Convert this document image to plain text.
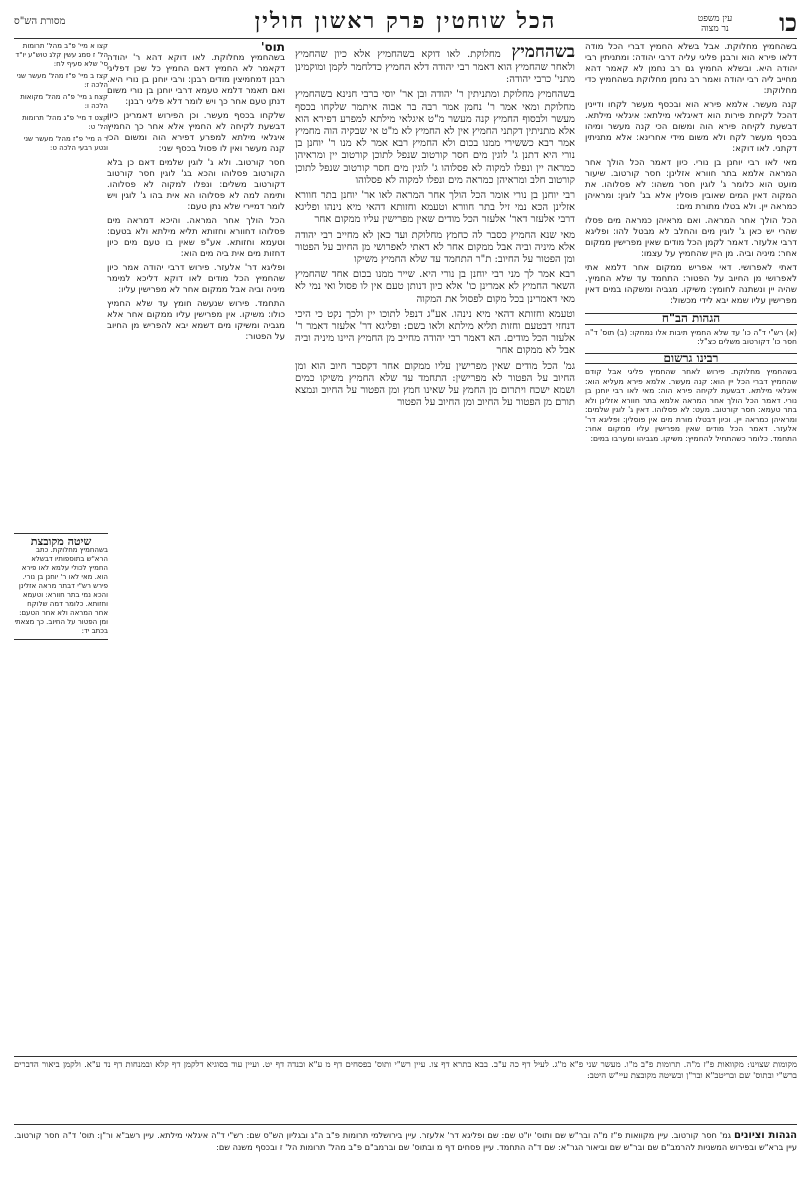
כו
עין משפט נר מצוה
הכל שוחטין פרק ראשון חולין
מסורת הש"ס

בשהחמיץ מחלוקת. אבל בשלא החמיץ דברי הכל מודה דלאו פירא הוא ורבנן פליגי עליה דרבי יהודה: ומתניתין רבי יהודה היא. ובשלא החמיץ גם רב נחמן לא קאמר דהא מחייב ליה רבי יהודה ואמר רב נחמן מחלוקת בשהחמיץ כדי מחלוקת:

קנה מעשר. אלמא פירא הוא ובכסף מעשר לקחו ודיינין דהכל לקיחת פירות הוא דאיגלאי מילתא: איגלאי מילתא. דבשעת לקיחה פירא הוה ומשום הכי קנה מעשר ומיהו בכסף מעשר לקח ולא משום מידי אחרינא: אלא מתניתין דקתני. לאו דוקא:

מאי לאו רבי יוחנן בן נורי. כיון דאמר הכל הולך אחר המראה אלמא בתר חוורא אזלינן: חסר קורטוב. שיעור מועט הוא כלומר ג' לוגין חסר משהו: לא פסלוהו. את המקוה דאין המים שאובין פוסלין אלא בג' לוגין: ומראיהן כמראה יין. ולא בטלו מתורת מים:

הכל הולך אחר המראה. ואם מראיהן כמראה מים פסלו שהרי יש כאן ג' לוגין מים והחלב לא מבטל להו: ופליגא דרבי אלעזר. דאמר לקמן הכל מודים שאין מפרישין ממקום אחר: מיניה וביה. מן היין שהחמיץ על עצמו:

דאתי לאפרושי. דאי אפריש ממקום אחר דלמא אתי לאפרושי מן החיוב על הפטור: התחמד עד שלא החמיץ. שהיה יין ונשתנה לחומץ: משיקו. מגביה ומשקהו במים דאין מפרישין עליו שמא יבא לידי מכשול:

הגהות הב"ח
(א) רש"י ד"ה כו' עד שלא החמיץ תיבות אלו נמחקו: (ב) תוס' ד"ה חסר כו' דקורטוב משלים כצ"ל:
רבינו גרשום
בשהחמיץ מחלוקת. פירוש לאחר שהחמיץ פליגי אבל קודם שהחמיץ דברי הכל יין הוא: קנה מעשר. אלמא פירא מעליא הוא: איגלאי מילתא. דבשעת לקיחה פירא הוה: מאי לאו רבי יוחנן בן נורי. דאמר הכל הולך אחר המראה אלמא בתר חוורא אזלינן ולא בתר טעמא: חסר קורטוב. מעט: לא פסלוהו. דאין ג' לוגין שלמים: ומראיהן כמראה יין. וכיון דבטלו מורת מים אין פוסלין: ופליגא דר' אלעזר. דאמר הכל מודים שאין מפרישין עליו ממקום אחר: התחמד. כלומר כשהתחיל להחמיץ: משיקו. מגביהו ומערבו במים:

בשהחמיץ מחלוקת. לאו דוקא בשהחמיץ אלא כיון שהחמיץ ולאחר שהחמיץ הוא דאמר רבי יהודה דלא החמיץ כדלחמר לקמן ומוקמינן מתני' כרבי יהודה:

בשהחמיץ מחלוקת ומתניתין ר' יהודה ובן אר' יוסי ברבי חנינא בשהחמיץ מחלוקת ומאי אמר ר' נחמן אמר רבה בר אבוה איתמר שלקחו בכסף מעשר ולבסוף החמיץ קנה מעשר מ"ט איגלאי מילתא למפרע דפירא הוא אלא מתניתין דקתני החמיץ אין לא החמיץ לא מ"ט אי שבקיה הוה מחמיץ אמר רבא כששירי ממנו בכום ולא החמיץ רבא אמר לא מנו ר' יוחנן בן נורי היא דתנן ג' לוגין מים חסר קורטוב שנפל לתוכן קורטוב יין ומראיהן כמראה יין ונפלו למקוה לא פסלוהו ג' לוגין מים חסר קורטוב שנפל לתוכן קורטוב חלב ומראיהן כמראה מים ונפלו למקוה לא פסלוהו

רבי יוחנן בן נורי אומר הכל הולך אחר המראה לאו אר' יוחנן בתר חוורא אזלינן הכא נמי זיל בתר חוורא וטעמא וחזותא דהאי מיא נינהו ופליגא דרבי אלעזר דאר' אלעזר הכל מודים שאין מפרישין עליו ממקום אחר

מאי שנא החמיץ כסבר לה כחמץ מחלוקת ועד כאן לא מחייב רבי יהודה אלא מיניה וביה אבל ממקום אחר לא דאתי לאפרושי מן החיוב על הפטור ומן הפטור על החיוב: ת"ר התחמד עד שלא החמיץ משיקו

רבא אמר לך מני רבי יוחנן בן נורי היא. שייר ממנו בכום אחד שהחמיץ השאר החמיץ לא אמרינן כו' אלא כיון דנותן טעם אין לו פסול ואי נמי לא מאי דאמרינן בכל מקום לפסול את המקוה

וטעמא וחזותא דהאי מיא נינהו. אע"ג דנפל לתוכו יין ולכך נקט כי היכי דנחזי דבטעם וחזות תליא מילתא ולאו בשם: ופליגא דר' אלעזר דאמר ר' אלעזר הכל מודים. הא דאמר רבי יהודה מחייב מן החמיץ היינו מיניה וביה אבל לא ממקום אחר

גמ' הכל מודים שאין מפרישין עליו ממקום אחר דקסבר חיוב הוא ומן החיוב על הפטור לא מפרישין: התחמד עד שלא החמיץ משיקו כמים ושמא ישכח ויתרום מן החמץ על שאינו חמץ ומן הפטור על החיוב ונמצא תורם מן הפטור על החיוב ומן החיוב על הפטור

תוס'

בשהחמיץ מחלוקת. לאו דוקא דהא ר' יהודה דקאמר לא החמיץ דאם החמיץ כל שכן דפליגי רבנן דמחמיצין מודים רבנן: ורבי יוחנן בן נורי היא. ואם תאמר דלמא טעמא דרבי יוחנן בן נורי משום דנתן טעם אחר כך ויש לומר דלא פליגי רבנן:

שלקחו בכסף מעשר. וכן הפירוש דאמרינן כיון דבשעת לקיחה לא החמיץ אלא אחר כך החמיץ איגלאי מילתא למפרע דפירא הוה ומשום הכי קנה מעשר ואין לו פסול בכסף שני:

חסר קורטוב. ולא ג' לוגין שלמים דאם כן בלא הקורטוב פסלוהו והכא בג' לוגין חסר קורטוב דקורטוב משלים: ונפלו למקוה לא פסלוהו. ותימה למה לא פסלוהו הא אית בהו ג' לוגין ויש לומר דמיירי שלא נתן טעם:

הכל הולך אחר המראה. והיכא דמראה מים פסלוהו דחוורא וחזותא תליא מילתא ולא בטעם: וטעמא וחזותא. אע"פ שאין בו טעם מים כיון דחזות מים אית ביה מים הוא:

ופליגא דר' אלעזר. פירוש דרבי יהודה אמר כיון שהחמיץ הכל מודים לאו דוקא דליכא למימר מיניה וביה אבל ממקום אחר לא מפרישין עליו:

התחמד. פירוש שנעשה חומץ עד שלא החמיץ כולו: משיקו. אין מפרישין עליו ממקום אחר אלא מגביה ומשיקו מים דשמא יבא להפריש מן החיוב על הפטור:

קצו א מיי' פ"ב מהל' תרומות הל' ז סמג עשין קלג טוש"ע יו"ד סי' שלא סעיף לח:

קצז ב מיי' פ"ז מהל' מעשר שני הלכה ז:

קצח ג מיי' פ"ה מהל' מקואות הלכה ו:

קצט ד מיי' פ"ג מהל' תרומות הל' ט:

ר ה מיי' פ"ז מהל' מעשר שני ונטע רבעי הלכה ט:

שיטה מקובצת
בשהחמיץ מחלוקת. כתב הרא"ש בתוספותיו דבשלא החמיץ לכולי עלמא לאו פירא הוא. מאי לאו ר' יוחנן בן נורי. פירש רש"י דבתר מראה אזלינן והכא נמי בתר חוורא: וטעמא וחזותא. כלומר דמה שלוקח אחר המראה ולא אחר הטעם: ומן הפטור על החיוב. כך מצאתי בכתב יד:
מקומות שצוינו: מקוואות פ"ז מ"ה. תרומות פ"ב מ"ו. מעשר שני פ"א מ"ג. לעיל דף כה ע"ב. בבא בתרא דף צו. עיין רש"י ותוס' בפסחים דף מ ע"א ובנדה דף יט. ועיין עוד בסוגיא דלקמן דף קלא ובמנחות דף נד ע"א. ולקמן ביאור הדברים ברש"י ובתוס' שם ובריטב"א ובר"ן ובשיטה מקובצת עיי"ש היטב:
הגהות וציונים גמ' חסר קורטוב. עיין מקוואות פ"ז מ"ה ובר"ש שם ותוס' יו"ט שם: שם ופליגא דר' אלעזר. עיין בירושלמי תרומות פ"ב ה"ג ובגליון הש"ס שם: רש"י ד"ה איגלאי מילתא. עיין רשב"א ור"ן: תוס' ד"ה חסר קורטוב. עיין ברא"ש ובפירוש המשניות להרמב"ם שם ובר"ש שם וביאור הגר"א: שם ד"ה התחמד. עיין פסחים דף מ ובתוס' שם וברמב"ם פ"ב מהל' תרומות הל' ז ובכסף משנה שם:
